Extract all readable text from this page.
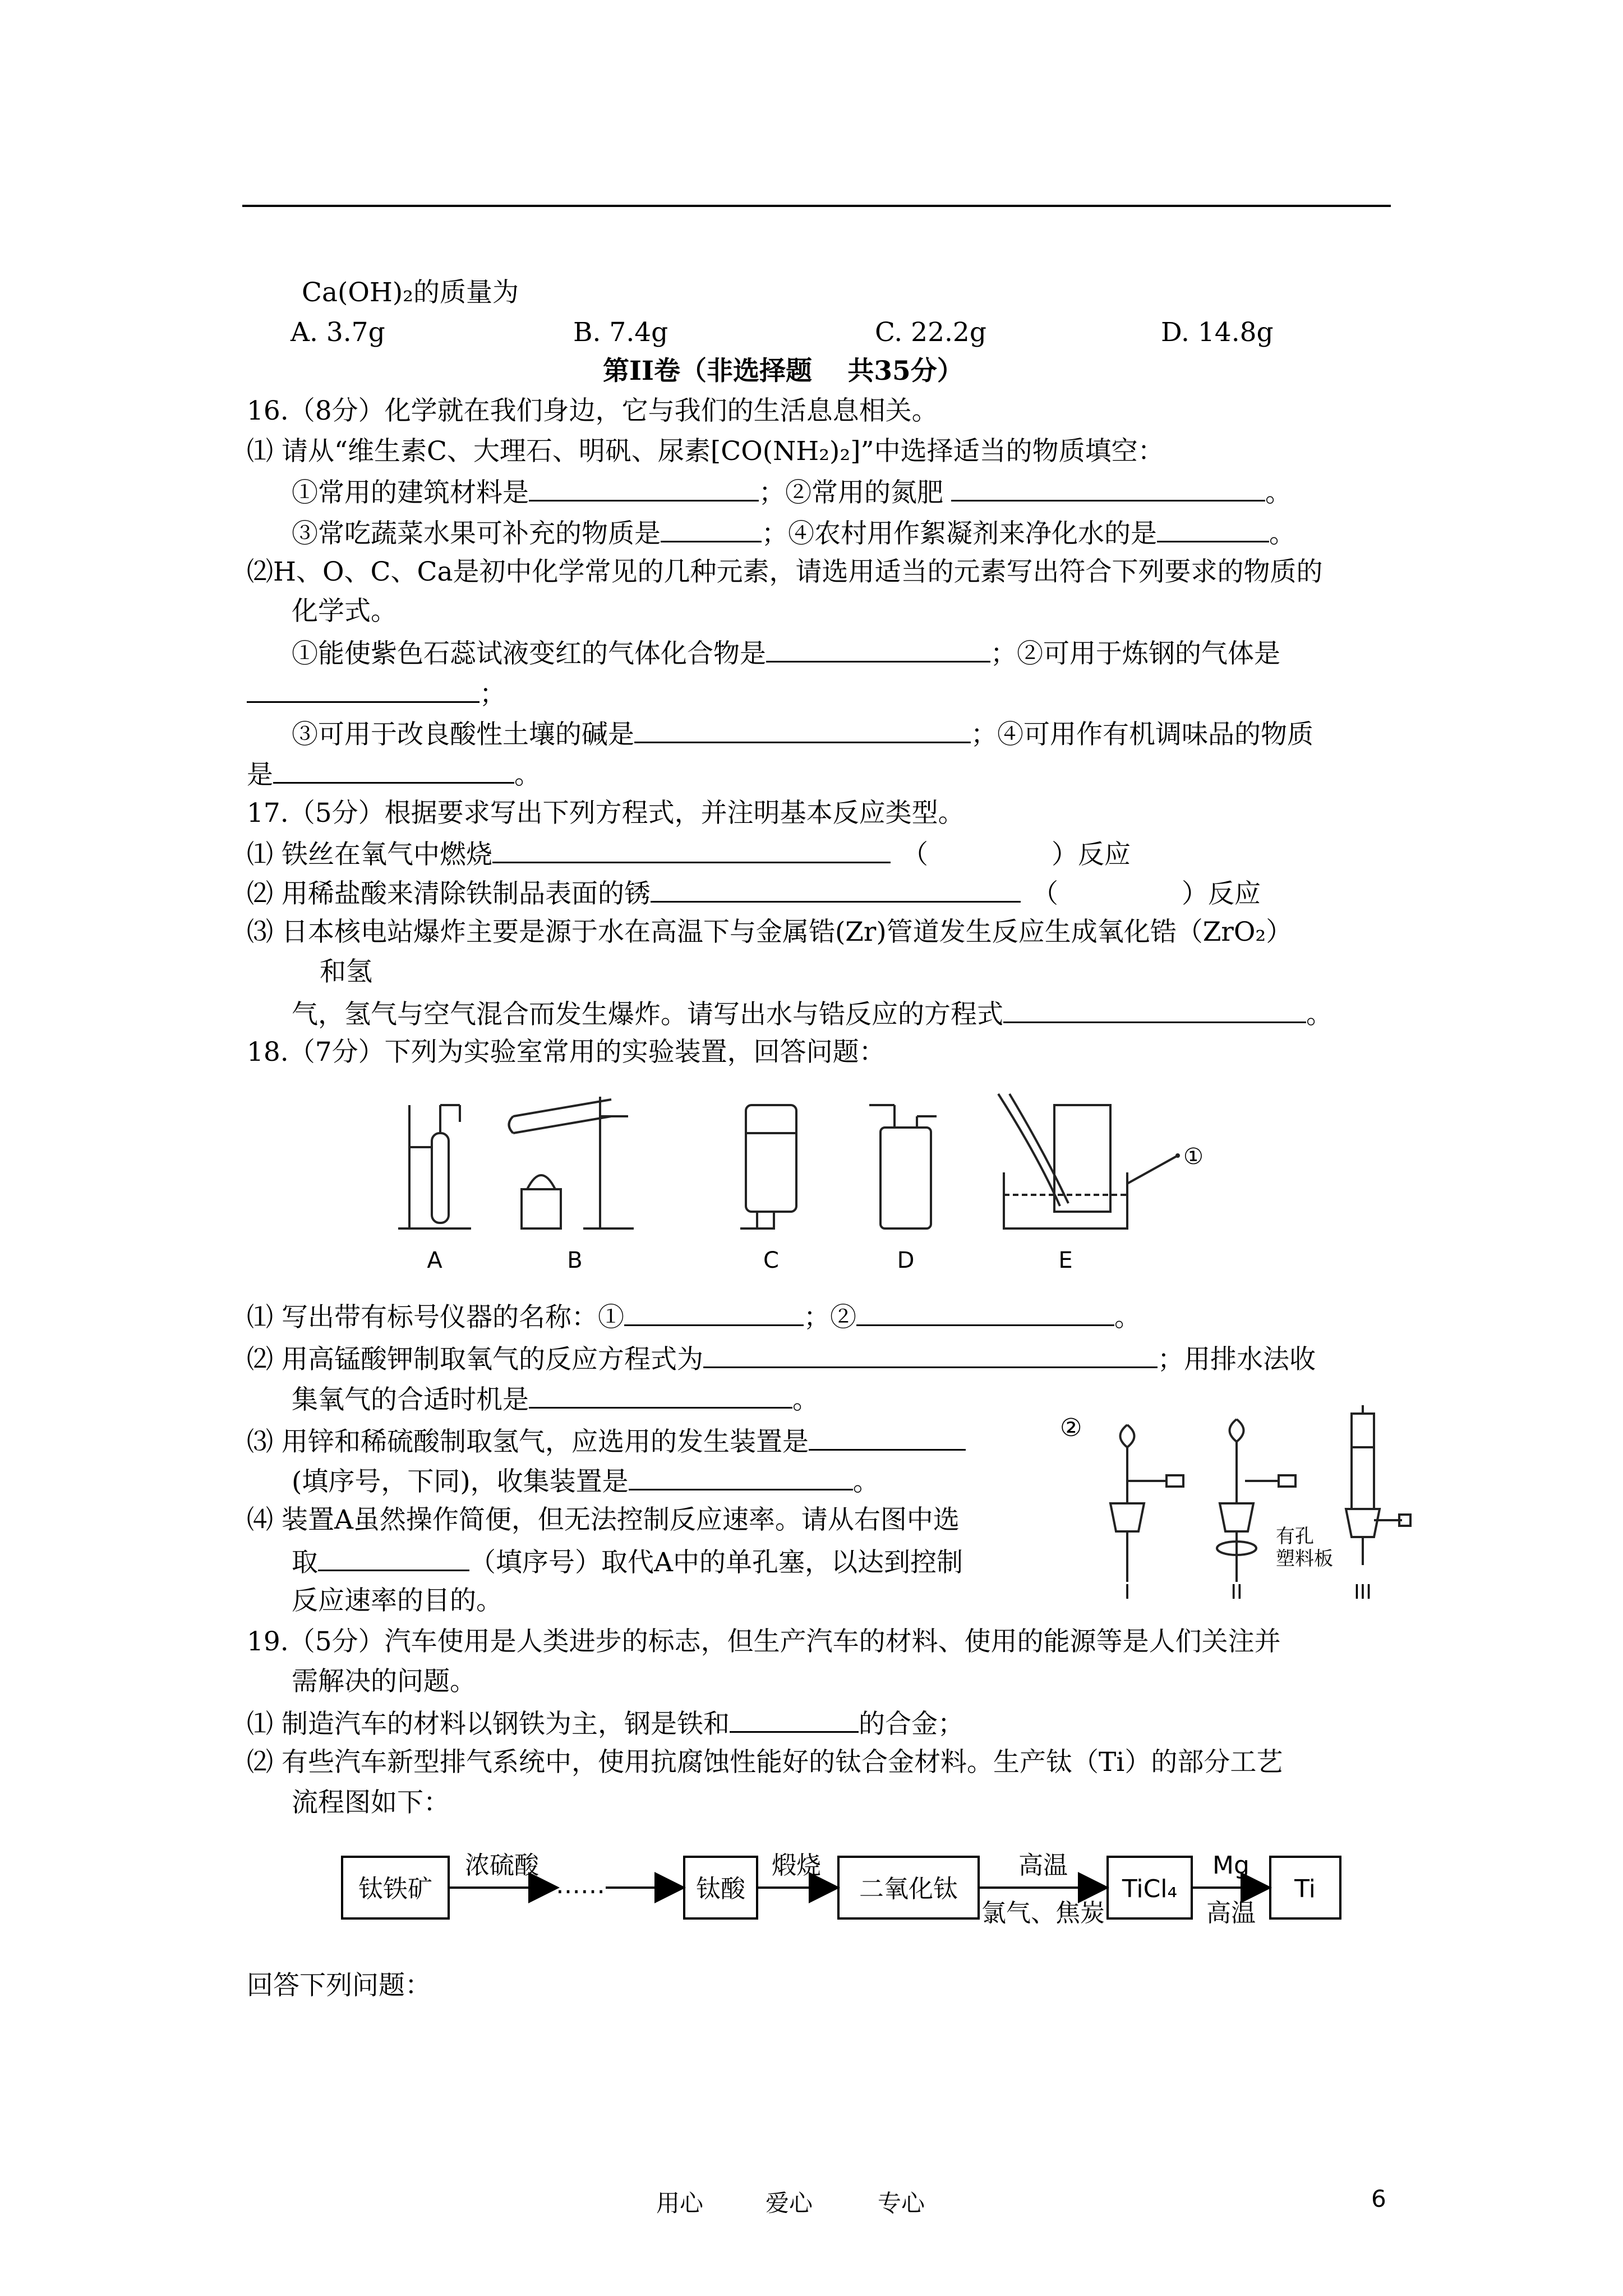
Ca(OH)₂的质量为
A. 3.7g	B. 7.4g	C. 22.2g	D. 14.8g
第II卷（非选择题　 共35分）
16.（8分）化学就在我们身边，它与我们的生活息息相关。
⑴ 请从“维生素C、大理石、明矾、尿素[CO(NH₂)₂]”中选择适当的物质填空：
①常用的建筑材料是	；②常用的氮肥	。
③常吃蔬菜水果可补充的物质是	；④农村用作絮凝剂来净化水的是	。
⑵H、O、C、Ca是初中化学常见的几种元素，请选用适当的元素写出符合下列要求的物质的
化学式。
①能使紫色石蕊试液变红的气体化合物是	；②可用于炼钢的气体是
；
③可用于改良酸性土壤的碱是	；④可用作有机调味品的物质
是	。
17.（5分）根据要求写出下列方程式，并注明基本反应类型。
⑴ 铁丝在氧气中燃烧	（	）反应
⑵ 用稀盐酸来清除铁制品表面的锈	（	）反应
⑶ 日本核电站爆炸主要是源于水在高温下与金属锆(Zr)管道发生反应生成氧化锆（ZrO₂）
和氢
气，氢气与空气混合而发生爆炸。请写出水与锆反应的方程式	。
18.（7分）下列为实验室常用的实验装置，回答问题：
①
A	B	C	D	E
⑴ 写出带有标号仪器的名称：①	；②	。
⑵ 用高锰酸钾制取氧气的反应方程式为	；用排水法收
集氧气的合适时机是	。
⑶ 用锌和稀硫酸制取氢气，应选用的发生装置是
(填序号，下同)，收集装置是	。
⑷ 装置A虽然操作简便，但无法控制反应速率。请从右图中选
取	（填序号）取代A中的单孔塞，以达到控制
反应速率的目的。
②
有孔
塑料板
I	II	III
19.（5分）汽车使用是人类进步的标志，但生产汽车的材料、使用的能源等是人们关注并
需解决的问题。
⑴ 制造汽车的材料以钢铁为主，钢是铁和	的合金；
⑵ 有些汽车新型排气系统中，使用抗腐蚀性能好的钛合金材料。生产钛（Ti）的部分工艺
流程图如下：
钛铁矿	钛酸	二氧化钛	TiCl₄	Ti
浓硫酸
……
煅烧	高温
氯气、焦炭
Mg
高温
回答下列问题：
用心	爱心	专心	6
